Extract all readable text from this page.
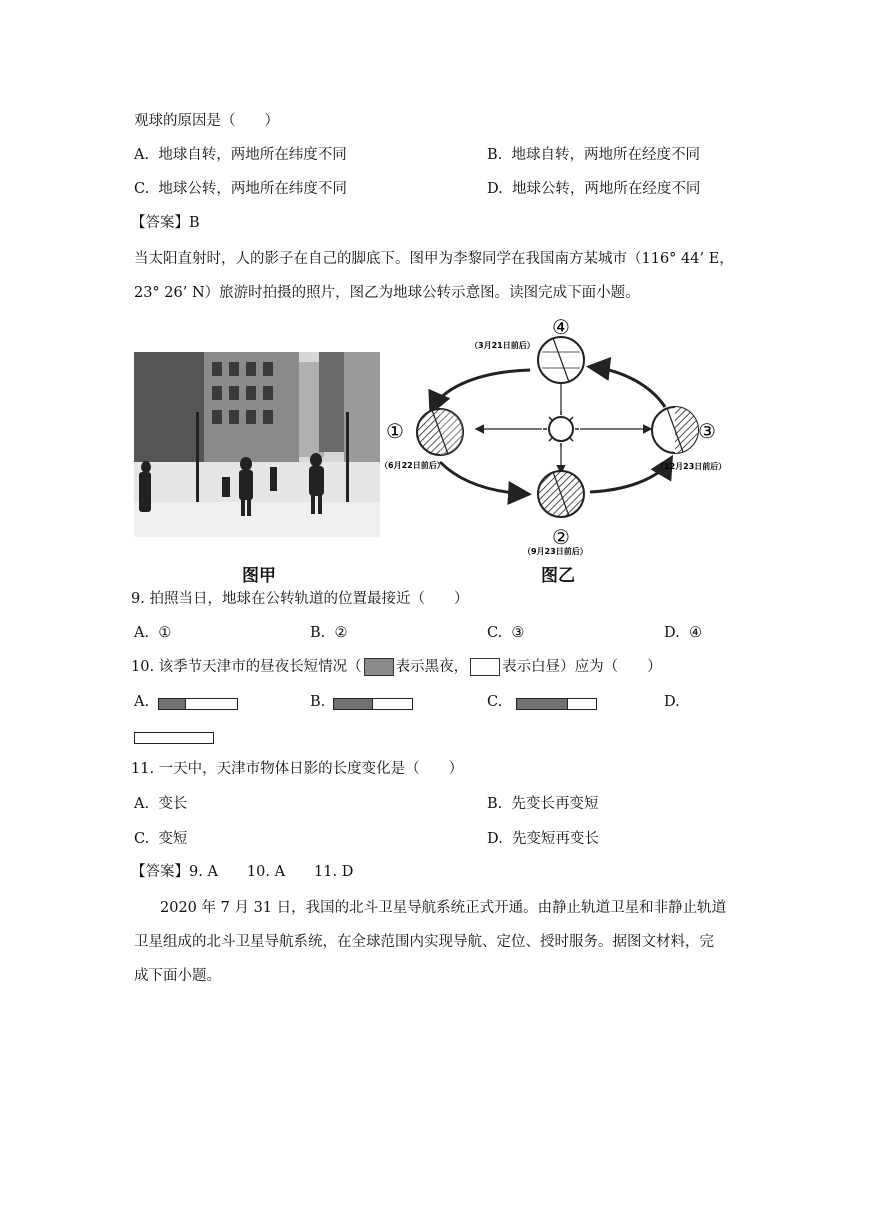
观球的原因是（　　）
A. 地球自转，两地所在纬度不同	B. 地球自转，两地所在经度不同
C. 地球公转，两地所在纬度不同	D. 地球公转，两地所在经度不同
【答案】B
当太阳直射时，人的影子在自己的脚底下。图甲为李黎同学在我国南方某城市（116° 44’ E，
23° 26’ N）旅游时拍摄的照片，图乙为地球公转示意图。读图完成下面小题。
①
②
③
④
（6月22日前后）
（9月23日前后）
（12月23日前后）
（3月21日前后）
图甲	图乙
9. 拍照当日，地球在公转轨道的位置最接近（　　）
A. ①	B. ②	C. ③	D. ④
10. 该季节天津市的昼夜长短情况（ 表示黑夜， 表示白昼）应为（　　）
A.	B.	C.	D.
11. 一天中，天津市物体日影的长度变化是（　　）
A. 变长	B. 先变长再变短
C. 变短	D. 先变短再变长
【答案】9. A　　10. A　　11. D
2020 年 7 月 31 日，我国的北斗卫星导航系统正式开通。由静止轨道卫星和非静止轨道
卫星组成的北斗卫星导航系统，在全球范围内实现导航、定位、授时服务。据图文材料，完
成下面小题。
